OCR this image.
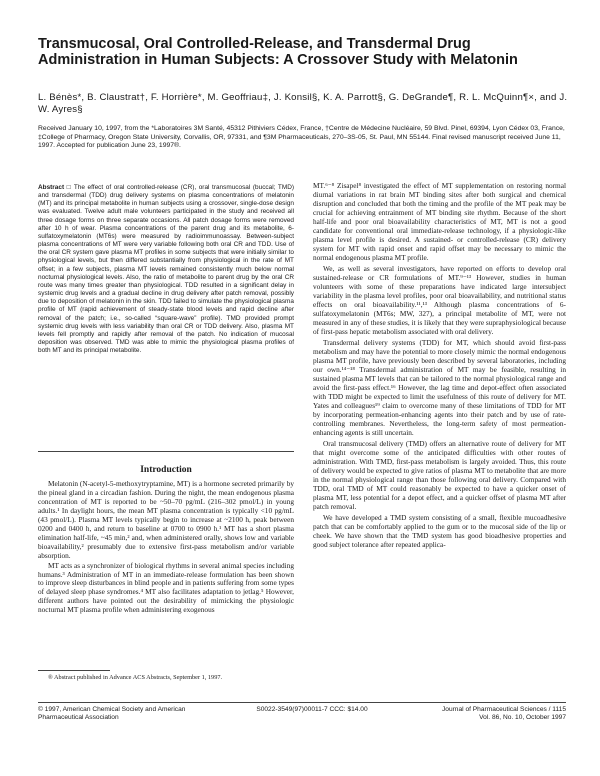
Transmucosal, Oral Controlled-Release, and Transdermal Drug Administration in Human Subjects: A Crossover Study with Melatonin

L. Bénès*, B. Claustrat†, F. Horrière*, M. Geoffriau‡, J. Konsil§, K. A. Parrott§, G. DeGrande¶, R. L. McQuinn¶×, and J. W. Ayres§

Received January 10, 1997, from the *Laboratoires 3M Santé, 45312 Pithiviers Cédex, France, †Centre de Médecine Nucléaire, 59 Blvd. Pinel, 69394, Lyon Cédex 03, France, ‡College of Pharmacy, Oregon State University, Corvallis, OR, 97331, and ¶3M Pharmaceuticals, 270–3S-05, St. Paul, MN 55144. Final revised manuscript received June 11, 1997. Accepted for publication June 23, 1997®.

Abstract □ The effect of oral controlled-release (CR), oral transmucosal (buccal; TMD) and transdermal (TDD) drug delivery systems on plasma concentrations of melatonin (MT) and its principal metabolite in human subjects using a crossover, single-dose design was evaluated. Twelve adult male volunteers participated in the study and received all three dosage forms on three separate occasions. All patch dosage forms were removed after 10 h of wear. Plasma concentrations of the parent drug and its metabolite, 6-sulfatoxymelatonin (MT6s) were measured by radioimmunoassay. Between-subject plasma concentrations of MT were very variable following both oral CR and TDD. Use of the oral CR system gave plasma MT profiles in some subjects that were initially similar to physiological levels, but then differed substantially from physiological in the rate of MT offset; in a few subjects, plasma MT levels remained consistently much below normal nocturnal physiological levels. Also, the ratio of metabolite to parent drug by the oral CR route was many times greater than physiological. TDD resulted in a significant delay in systemic drug levels and a gradual decline in drug delivery after patch removal, possibly due to deposition of melatonin in the skin. TDD failed to simulate the physiological plasma profile of MT (rapid achievement of steady-state blood levels and rapid decline after removal of the patch; i.e., so-called “square-wave” profile). TMD provided prompt systemic drug levels with less variability than oral CR or TDD delivery. Also, plasma MT levels fell promptly and rapidly after removal of the patch. No indication of mucosal deposition was observed. TMD was able to mimic the physiological plasma profiles of both MT and its principal metabolite.

Introduction

Melatonin (N-acetyl-5-methoxytryptamine, MT) is a hormone secreted primarily by the pineal gland in a circadian fashion. During the night, the mean endogenous plasma concentration of MT is reported to be ~50–70 pg/mL (216–302 pmol/L) in young adults.¹ In daylight hours, the mean MT plasma concentration is typically <10 pg/mL (43 pmol/L). Plasma MT levels typically begin to increase at ~2100 h, peak between 0200 and 0400 h, and return to baseline at 0700 to 0900 h.¹ MT has a short plasma elimination half-life, ~45 min,² and, when administered orally, shows low and variable bioavailability,² presumably due to extensive first-pass metabolism and/or variable absorption.

MT acts as a synchronizer of biological rhythms in several animal species including humans.³ Administration of MT in an immediate-release formulation has been shown to improve sleep disturbances in blind people and in patients suffering from some types of delayed sleep phase syndromes.⁴ MT also facilitates adaptation to jetlag.⁵ However, different authors have pointed out the desirability of mimicking the physiologic nocturnal MT plasma profile when administering exogenous

® Abstract published in Advance ACS Abstracts, September 1, 1997.

MT.⁶⁻⁸ Zisapel⁸ investigated the effect of MT supplementation on restoring normal diurnal variations in rat brain MT binding sites after both surgical and chemical disruption and concluded that both the timing and the profile of the MT peak may be crucial for achieving entrainment of MT binding site rhythm. Because of the short half-life and poor oral bioavailability characteristics of MT, MT is not a good candidate for conventional oral immediate-release technology, if a physiologic-like plasma level profile is desired. A sustained- or controlled-release (CR) delivery system for MT with rapid onset and rapid offset may be necessary to mimic the normal endogenous plasma MT profile.

We, as well as several investigators, have reported on efforts to develop oral sustained-release or CR formulations of MT.⁹⁻¹³ However, studies in human volunteers with some of these preparations have indicated large intersubject variability in the plasma level profiles, poor oral bioavailability, and nutritional status effects on oral bioavailability.¹¹,¹³ Although plasma concentrations of 6-sulfatoxymelatonin (MT6s; MW, 327), a principal metabolite of MT, were not measured in any of these studies, it is likely that they were supraphysiological because of first-pass hepatic metabolism associated with oral delivery.

Transdermal delivery systems (TDD) for MT, which should avoid first-pass metabolism and may have the potential to more closely mimic the normal endogenous plasma MT profile, have previously been described by several laboratories, including our own.¹⁴⁻¹⁸ Transdermal administration of MT may be feasible, resulting in sustained plasma MT levels that can be tailored to the normal physiological range and avoid the first-pass effect.¹⁶ However, the lag time and depot-effect often associated with TDD might be expected to limit the usefulness of this route of delivery for MT. Yates and colleagues¹⁹ claim to overcome many of these limitations of TDD for MT by incorporating permeation-enhancing agents into their patch and by use of rate-controlling membranes. Nevertheless, the long-term safety of most permeation-enhancing agents is still uncertain.

Oral transmucosal delivery (TMD) offers an alternative route of delivery for MT that might overcome some of the anticipated difficulties with other routes of administration. With TMD, first-pass metabolism is largely avoided. Thus, this route of delivery would be expected to give ratios of plasma MT to metabolite that are more in the normal physiological range than those following oral delivery. Compared with TDD, oral TMD of MT could reasonably be expected to have a quicker onset of plasma MT, less potential for a depot effect, and a quicker offset of plasma MT after patch removal.

We have developed a TMD system consisting of a small, flexible mucoadhesive patch that can be comfortably applied to the gum or to the mucosal side of the lip or cheek. We have shown that the TMD system has good bioadhesive properties and good subject tolerance after repeated applica-

© 1997, American Chemical Society and American Pharmaceutical Association

S0022-3549(97)00011-7 CCC: $14.00	Journal of Pharmaceutical Sciences / 1115
Vol. 86, No. 10, October 1997
